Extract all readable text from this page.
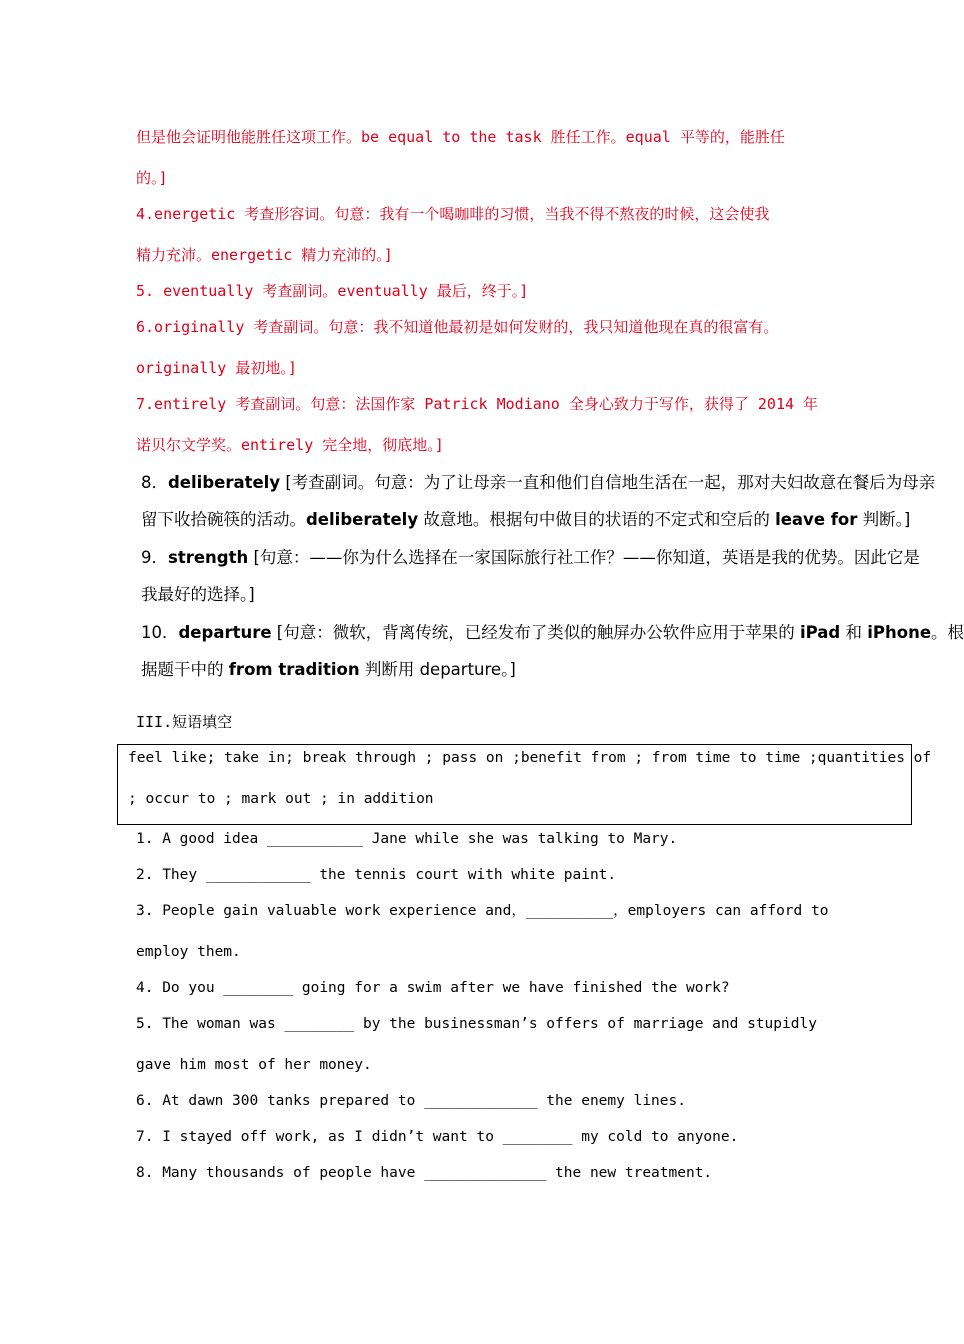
但是他会证明他能胜任这项工作。be equal to the task 胜任工作。equal 平等的，能胜任
的。]
4.energetic 考查形容词。句意：我有一个喝咖啡的习惯，当我不得不熬夜的时候，这会使我
精力充沛。energetic 精力充沛的。]
5. eventually 考查副词。eventually 最后，终于。]
6.originally 考查副词。句意：我不知道他最初是如何发财的，我只知道他现在真的很富有。
originally 最初地。]
7.entirely 考查副词。句意：法国作家 Patrick Modiano 全身心致力于写作，获得了 2014 年
诺贝尔文学奖。entirely 完全地，彻底地。]
8．deliberately [考查副词。句意：为了让母亲一直和他们自信地生活在一起，那对夫妇故意在餐后为母亲
留下收拾碗筷的活动。deliberately 故意地。根据句中做目的状语的不定式和空后的 leave for 判断。]
9．strength [句意：——你为什么选择在一家国际旅行社工作？——你知道，英语是我的优势。因此它是
我最好的选择。]
10．departure [句意：微软，背离传统，已经发布了类似的触屏办公软件应用于苹果的 iPad 和 iPhone。根
据题干中的 from tradition 判断用 departure。]
III.短语填空
feel like; take in; break through ; pass on ;benefit from ; from time to time ;quantities of
; occur to ; mark out ; in addition
1. A good idea ___________ Jane while she was talking to Mary.
2. They ____________ the tennis court with white paint.
3. People gain valuable work experience and，__________，employers can afford to
employ them.
4. Do you ________ going for a swim after we have finished the work?
5. The woman was ________ by the businessman’s offers of marriage and stupidly
gave him most of her money.
6. At dawn 300 tanks prepared to _____________ the enemy lines.
7. I stayed off work, as I didn’t want to ________ my cold to anyone.
8. Many thousands of people have ______________ the new treatment.
